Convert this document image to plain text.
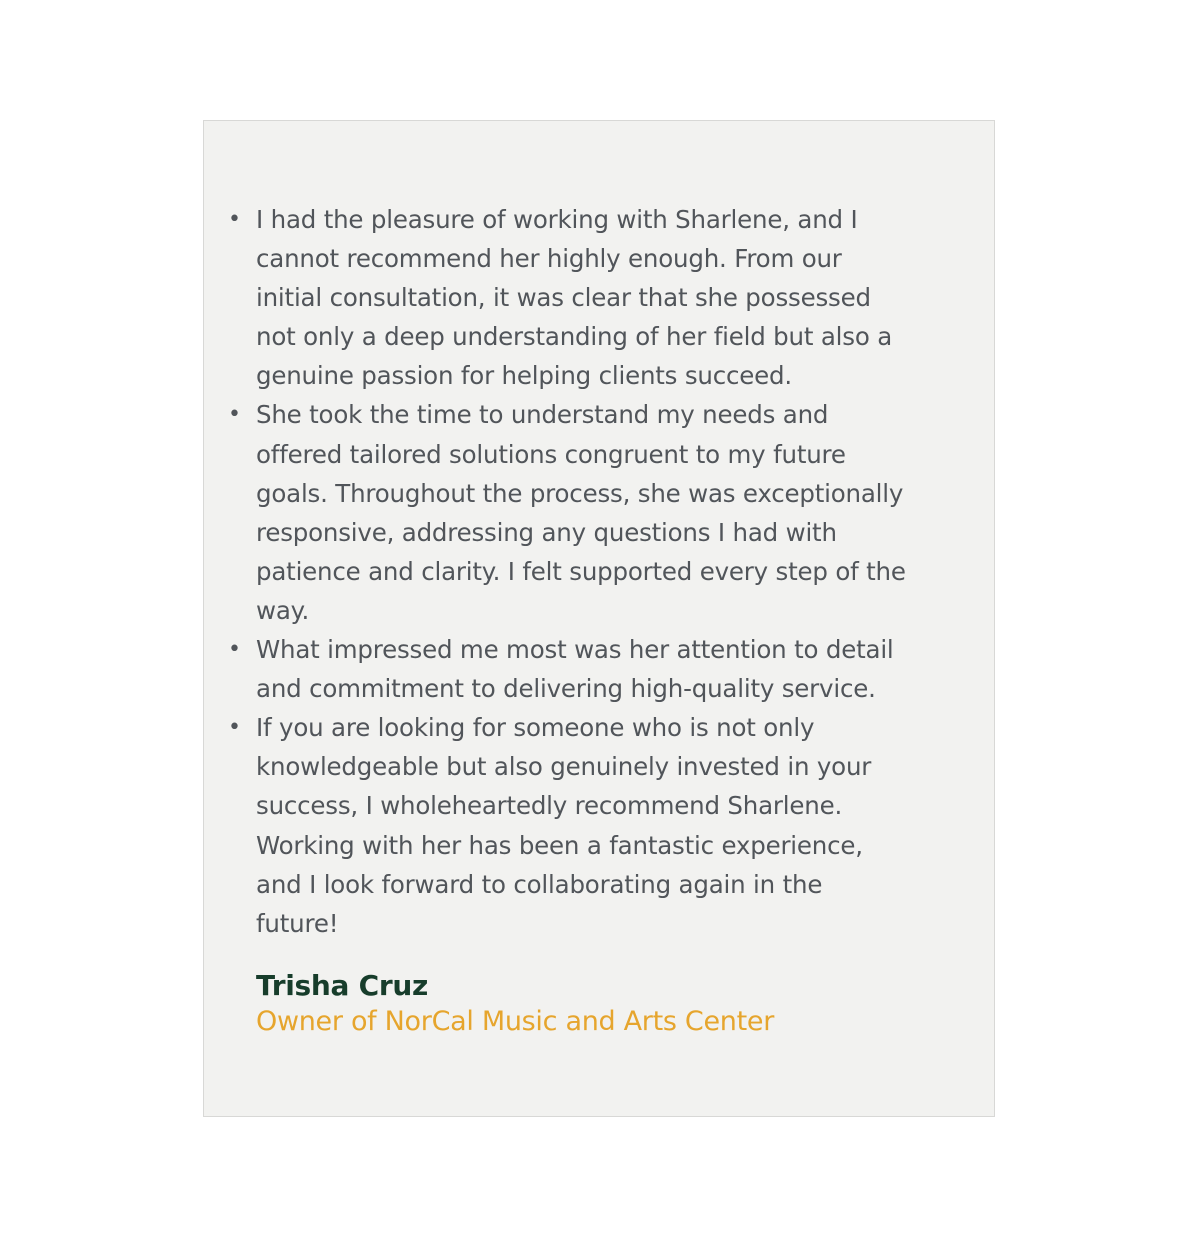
• I had the pleasure of working with Sharlene, and I cannot recommend her highly enough. From our initial consultation, it was clear that she possessed not only a deep understanding of her field but also a genuine passion for helping clients succeed.
• She took the time to understand my needs and offered tailored solutions congruent to my future goals. Throughout the process, she was exceptionally responsive, addressing any questions I had with patience and clarity. I felt supported every step of the way.
• What impressed me most was her attention to detail and commitment to delivering high-quality service.
• If you are looking for someone who is not only knowledgeable but also genuinely invested in your success, I wholeheartedly recommend Sharlene. Working with her has been a fantastic experience, and I look forward to collaborating again in the future!
Trisha Cruz
Owner of NorCal Music and Arts Center
